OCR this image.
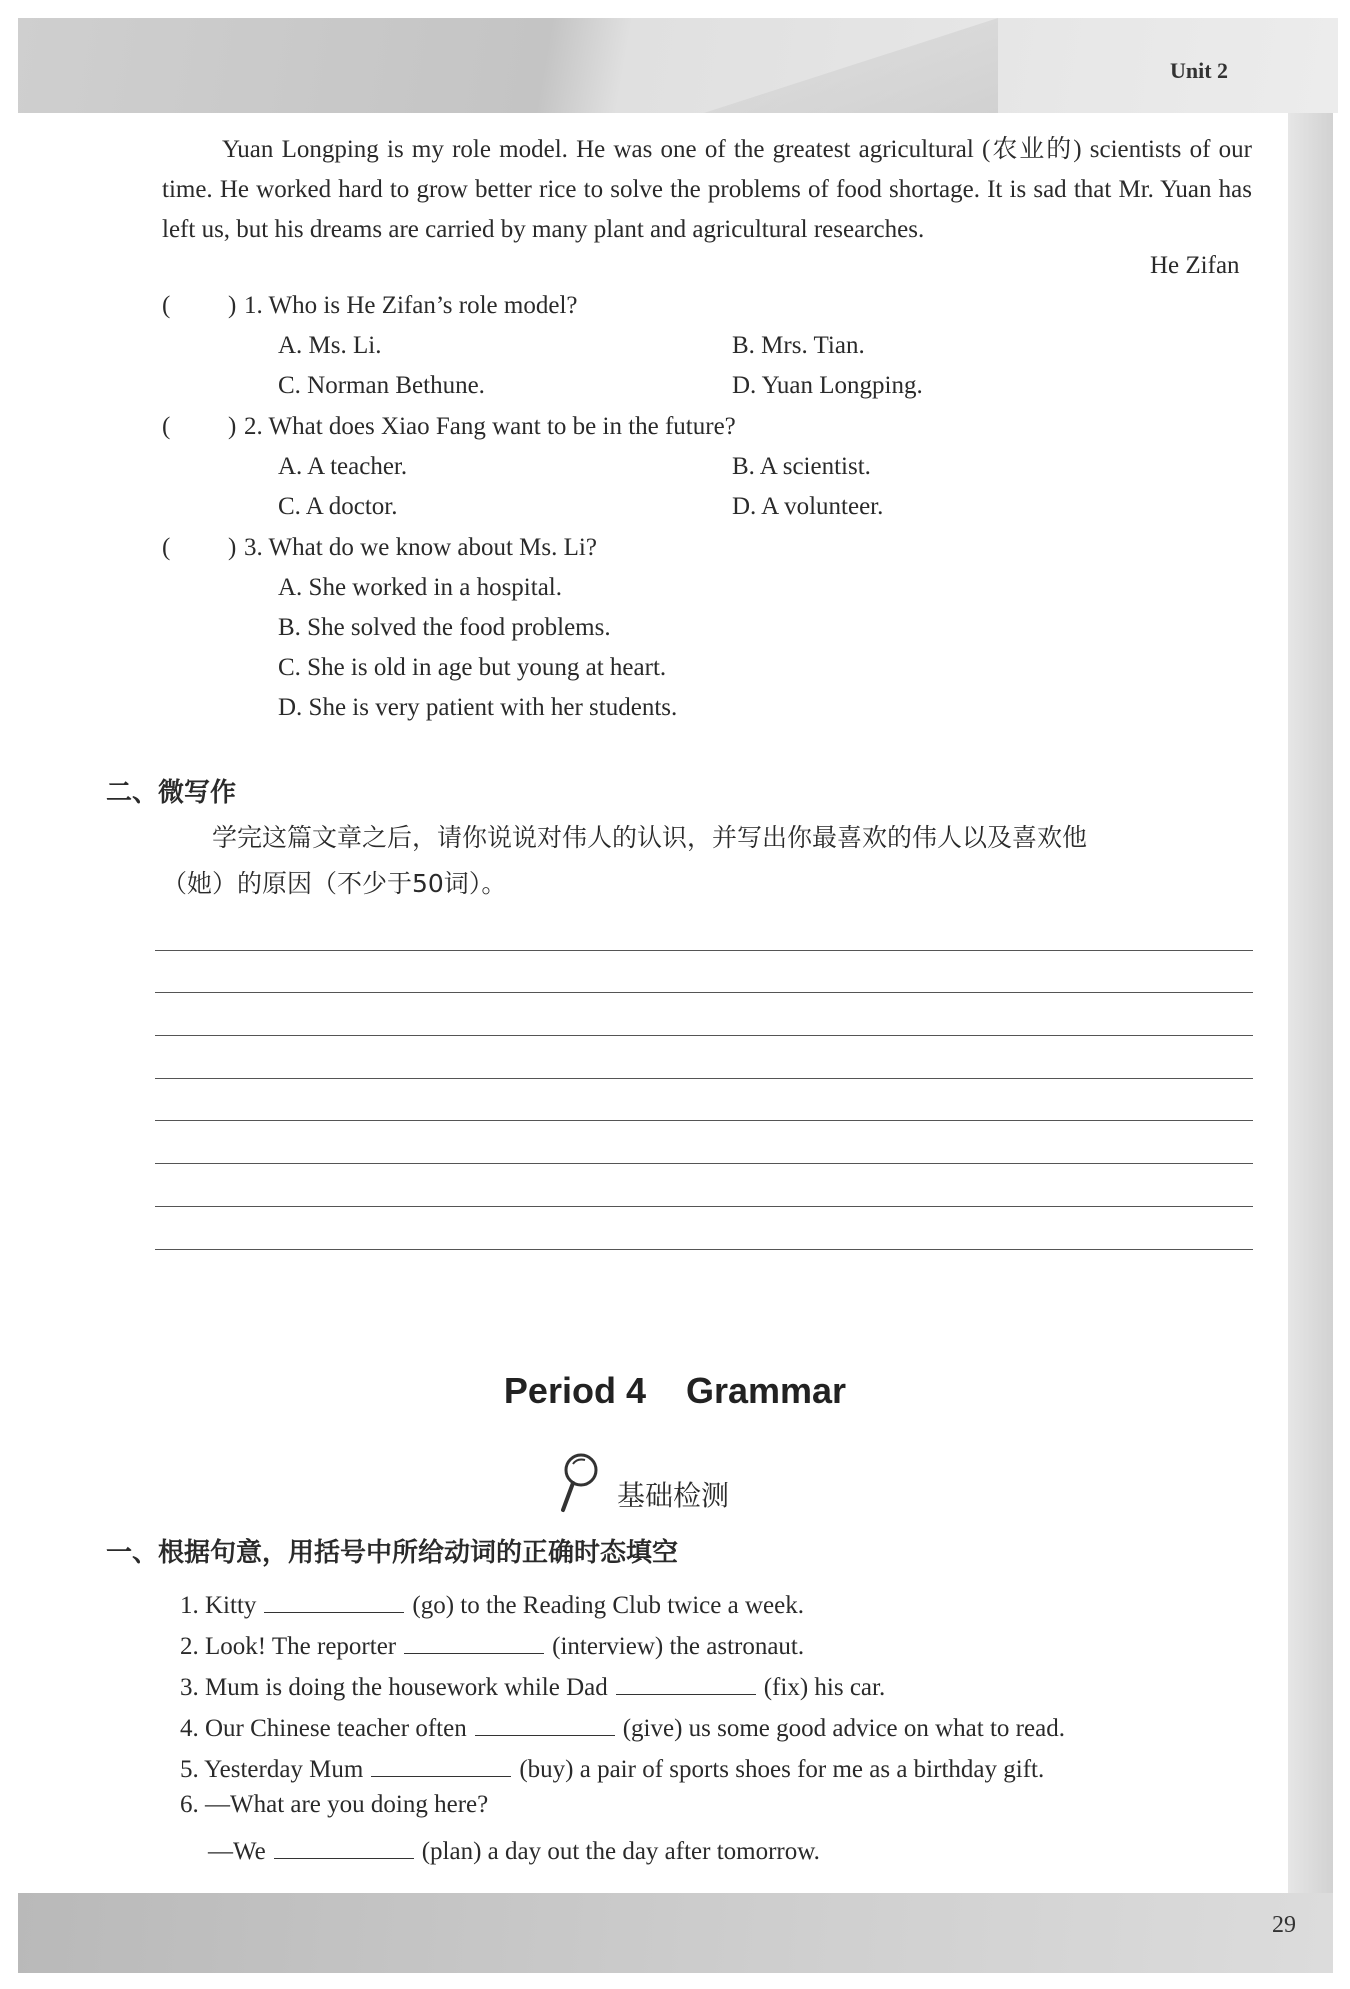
Unit 2
29

Yuan Longping is my role model. He was one of the greatest agricultural (农业的) scientists of our time. He worked hard to grow better rice to solve the problems of food shortage. It is sad that Mr. Yuan has left us, but his dreams are carried by many plant and agricultural researches.

He Zifan
( ) 1. Who is He Zifan’s role model?
A. Ms. Li.	B. Mrs. Tian.
C. Norman Bethune.	D. Yuan Longping.
( ) 2. What does Xiao Fang want to be in the future?
A. A teacher.	B. A scientist.
C. A doctor.	D. A volunteer.
( ) 3. What do we know about Ms. Li?
A. She worked in a hospital.
B. She solved the food problems.
C. She is old in age but young at heart.
D. She is very patient with her students.
二、微写作
学完这篇文章之后，请你说说对伟人的认识，并写出你最喜欢的伟人以及喜欢他
（她）的原因（不少于50词）。
Period 4    Grammar
基础检测
一、根据句意，用括号中所给动词的正确时态填空
1. Kitty	(go) to the Reading Club twice a week.
2. Look! The reporter	(interview) the astronaut.
3. Mum is doing the housework while Dad	(fix) his car.
4. Our Chinese teacher often	(give) us some good advice on what to read.
5. Yesterday Mum	(buy) a pair of sports shoes for me as a birthday gift.
6. —What are you doing here?
—We	(plan) a day out the day after tomorrow.
